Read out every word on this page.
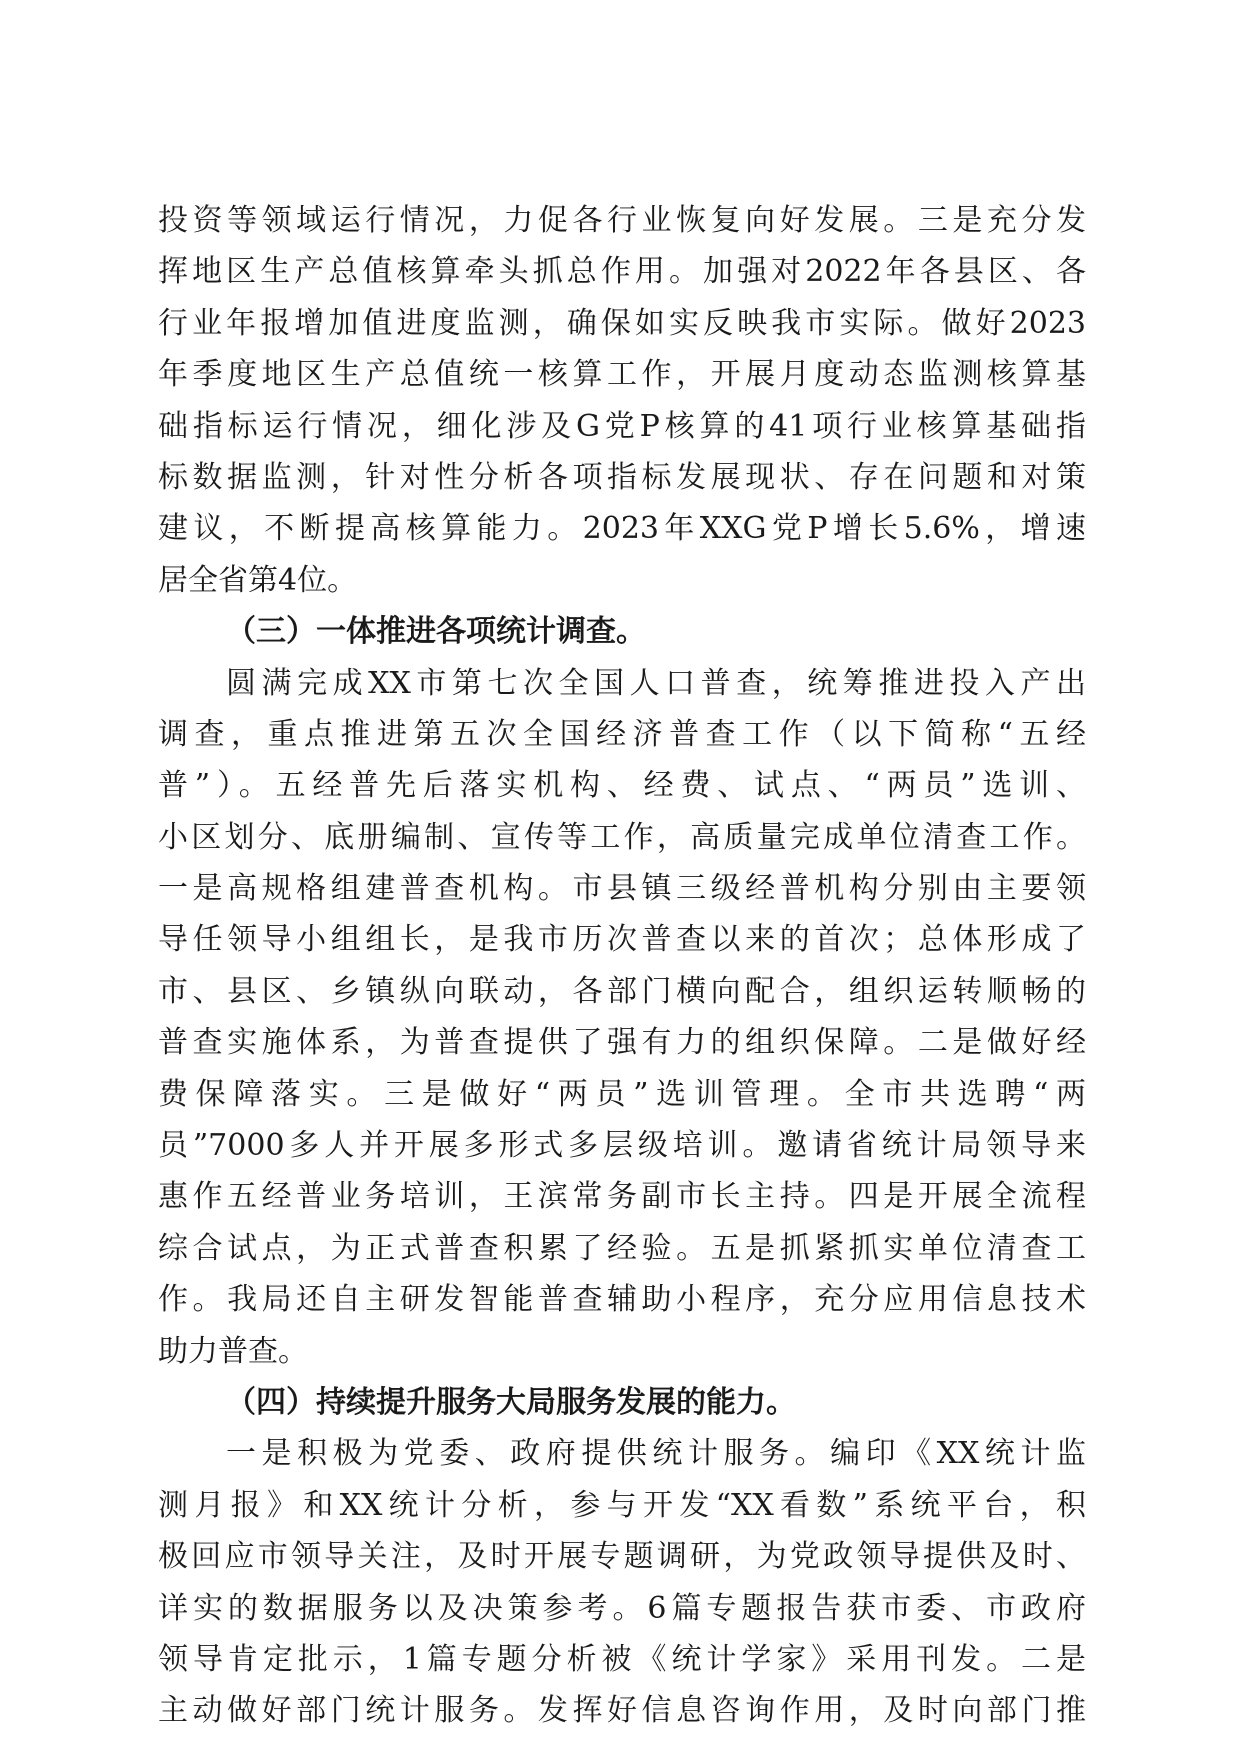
投资等领域运行情况，力促各行业恢复向好发展。三是充分发
挥地区生产总值核算牵头抓总作用。加强对2022年各县区、各
行业年报增加值进度监测，确保如实反映我市实际。做好2023
年季度地区生产总值统一核算工作，开展月度动态监测核算基
础指标运行情况，细化涉及G党P核算的41项行业核算基础指
标数据监测，针对性分析各项指标发展现状、存在问题和对策
建议，不断提高核算能力。2023年XXG党P增长5.6%，增速
居全省第4位。
（三）一体推进各项统计调查。
圆满完成XX市第七次全国人口普查，统筹推进投入产出
调查，重点推进第五次全国经济普查工作（以下简称“五经
普”）。五经普先后落实机构、经费、试点、“两员”选训、
小区划分、底册编制、宣传等工作，高质量完成单位清查工作。
一是高规格组建普查机构。市县镇三级经普机构分别由主要领
导任领导小组组长，是我市历次普查以来的首次；总体形成了
市、县区、乡镇纵向联动，各部门横向配合，组织运转顺畅的
普查实施体系，为普查提供了强有力的组织保障。二是做好经
费保障落实。三是做好“两员”选训管理。全市共选聘“两
员”7000多人并开展多形式多层级培训。邀请省统计局领导来
惠作五经普业务培训，王滨常务副市长主持。四是开展全流程
综合试点，为正式普查积累了经验。五是抓紧抓实单位清查工
作。我局还自主研发智能普查辅助小程序，充分应用信息技术
助力普查。
（四）持续提升服务大局服务发展的能力。
一是积极为党委、政府提供统计服务。编印《XX统计监
测月报》和XX统计分析，参与开发“XX看数”系统平台，积
极回应市领导关注，及时开展专题调研，为党政领导提供及时、
详实的数据服务以及决策参考。6篇专题报告获市委、市政府
领导肯定批示，1篇专题分析被《统计学家》采用刊发。二是
主动做好部门统计服务。发挥好信息咨询作用，及时向部门推
